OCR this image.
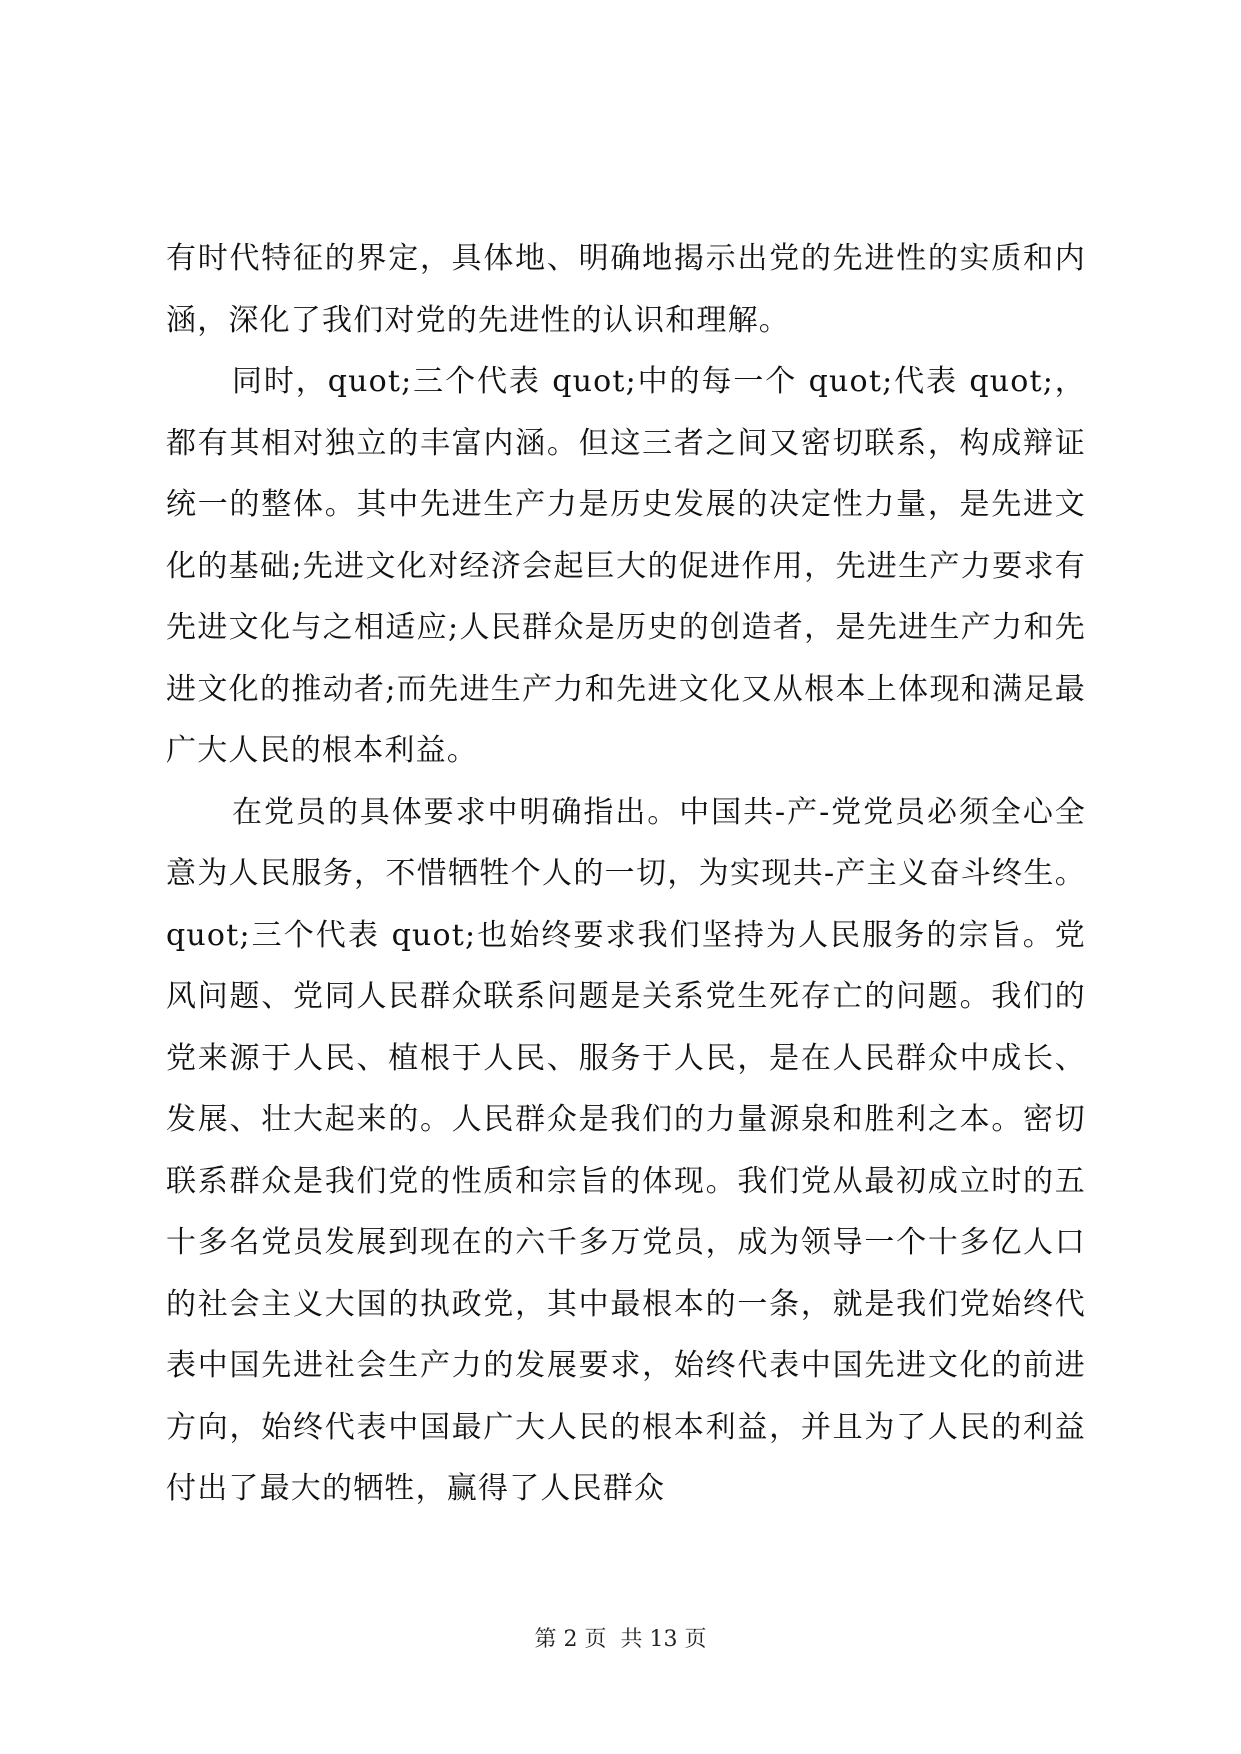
有时代特征的界定，具体地、明确地揭示出党的先进性的实质和内涵，深化了我们对党的先进性的认识和理解。

同时，quot;三个代表 quot;中的每一个 quot;代表 quot;，都有其相对独立的丰富内涵。但这三者之间又密切联系，构成辩证统一的整体。其中先进生产力是历史发展的决定性力量，是先进文化的基础;先进文化对经济会起巨大的促进作用，先进生产力要求有先进文化与之相适应;人民群众是历史的创造者，是先进生产力和先进文化的推动者;而先进生产力和先进文化又从根本上体现和满足最广大人民的根本利益。

在党员的具体要求中明确指出。中国共-产-党党员必须全心全意为人民服务，不惜牺牲个人的一切，为实现共-产主义奋斗终生。quot;三个代表 quot;也始终要求我们坚持为人民服务的宗旨。党风问题、党同人民群众联系问题是关系党生死存亡的问题。我们的党来源于人民、植根于人民、服务于人民，是在人民群众中成长、发展、壮大起来的。人民群众是我们的力量源泉和胜利之本。密切联系群众是我们党的性质和宗旨的体现。我们党从最初成立时的五十多名党员发展到现在的六千多万党员，成为领导一个十多亿人口的社会主义大国的执政党，其中最根本的一条，就是我们党始终代表中国先进社会生产力的发展要求，始终代表中国先进文化的前进方向，始终代表中国最广大人民的根本利益，并且为了人民的利益付出了最大的牺牲，赢得了人民群众

第 2 页 共 13 页
